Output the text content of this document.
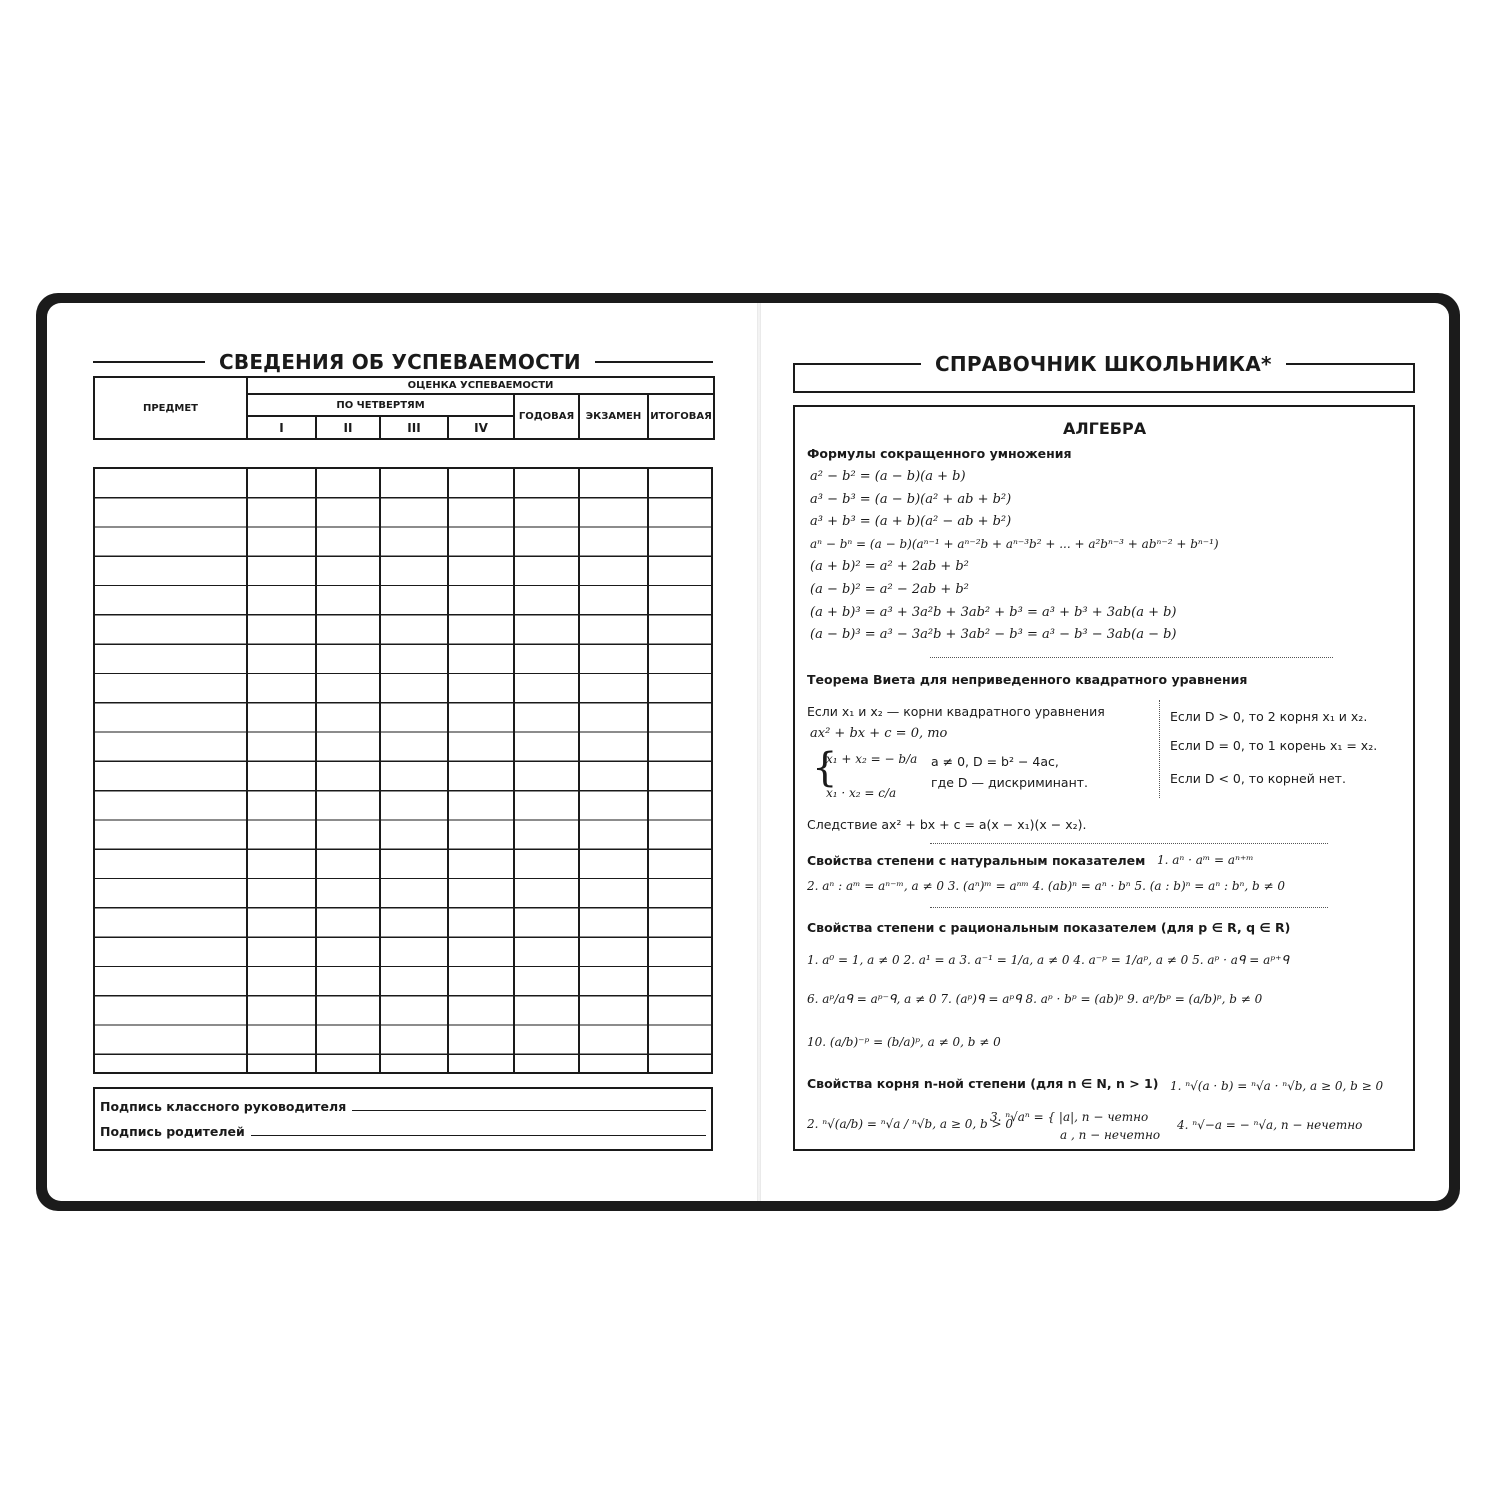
СВЕДЕНИЯ ОБ УСПЕВАЕМОСТИ
ПРЕДМЕТ	ОЦЕНКА УСПЕВАЕМОСТИ						
	ПО ЧЕТВЕРТЯМ				ГОДОВАЯ	ЭКЗАМЕН	ИТОГОВАЯ
	I	II	III	IV			
Подпись классного руководителя
Подпись родителей
СПРАВОЧНИК ШКОЛЬНИКА*
АЛГЕБРА
Формулы сокращенного умножения
a² − b² = (a − b)(a + b)
a³ − b³ = (a − b)(a² + ab + b²)
a³ + b³ = (a + b)(a² − ab + b²)
aⁿ − bⁿ = (a − b)(aⁿ⁻¹ + aⁿ⁻²b + aⁿ⁻³b² + ... + a²bⁿ⁻³ + abⁿ⁻² + bⁿ⁻¹)
(a + b)² = a² + 2ab + b²
(a − b)² = a² − 2ab + b²
(a + b)³ = a³ + 3a²b + 3ab² + b³ = a³ + b³ + 3ab(a + b)
(a − b)³ = a³ − 3a²b + 3ab² − b³ = a³ − b³ − 3ab(a − b)
Теорема Виета для неприведенного квадратного уравнения
Если x₁ и x₂ — корни квадратного уравнения
ax² + bx + c = 0, то
{
x₁ + x₂ = − b/a
x₁ · x₂ = c/a
a ≠ 0, D = b² − 4ac,
где D — дискриминант.
Если D > 0, то 2 корня x₁ и x₂.
Если D = 0, то 1 корень x₁ = x₂.
Если D < 0, то корней нет.
Следствие ax² + bx + c = a(x − x₁)(x − x₂).
Свойства степени с натуральным показателем 1. aⁿ · aᵐ = aⁿ⁺ᵐ
2. aⁿ : aᵐ = aⁿ⁻ᵐ, a ≠ 0 3. (aⁿ)ᵐ = aⁿᵐ 4. (ab)ⁿ = aⁿ · bⁿ 5. (a : b)ⁿ = aⁿ : bⁿ, b ≠ 0
Свойства степени с рациональным показателем (для p ∈ R, q ∈ R)
1. a⁰ = 1, a ≠ 0 2. a¹ = a 3. a⁻¹ = 1/a, a ≠ 0 4. a⁻ᵖ = 1/aᵖ, a ≠ 0 5. aᵖ · aᑫ = aᵖ⁺ᑫ
6. aᵖ/aᑫ = aᵖ⁻ᑫ, a ≠ 0 7. (aᵖ)ᑫ = aᵖᑫ 8. aᵖ · bᵖ = (ab)ᵖ 9. aᵖ/bᵖ = (a/b)ᵖ, b ≠ 0
10. (a/b)⁻ᵖ = (b/a)ᵖ, a ≠ 0, b ≠ 0
Свойства корня n-ной степени (для n ∈ N, n > 1) 1. ⁿ√(a · b) = ⁿ√a · ⁿ√b, a ≥ 0, b ≥ 0
2. ⁿ√(a/b) = ⁿ√a / ⁿ√b, a ≥ 0, b > 0
3. ⁿ√aⁿ = { |a|, n − четно
a , n − нечетно
4. ⁿ√−a = − ⁿ√a, n − нечетно
